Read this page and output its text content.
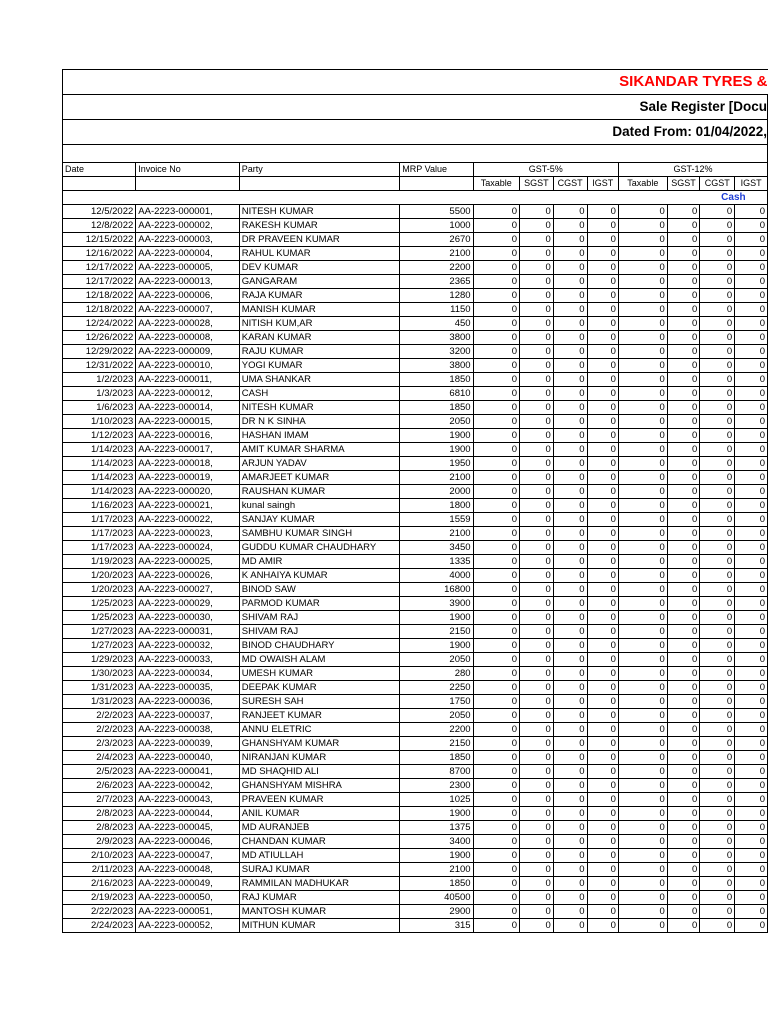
SIKANDAR TYRES &											
Sale Register [Docu											
Dated From: 01/04/2022,											

Date	Invoice No	Party	MRP Value	GST-5%				GST-12%			
				Taxable	SGST	CGST	IGST	Taxable	SGST	CGST	IGST
										Cash	
12/5/2022	AA-2223-000001,	NITESH KUMAR	5500	0	0	0	0	0	0	0	0
12/8/2022	AA-2223-000002,	RAKESH KUMAR	1000	0	0	0	0	0	0	0	0
12/15/2022	AA-2223-000003,	DR PRAVEEN KUMAR	2670	0	0	0	0	0	0	0	0
12/16/2022	AA-2223-000004,	RAHUL KUMAR	2100	0	0	0	0	0	0	0	0
12/17/2022	AA-2223-000005,	DEV KUMAR	2200	0	0	0	0	0	0	0	0
12/17/2022	AA-2223-000013,	GANGARAM	2365	0	0	0	0	0	0	0	0
12/18/2022	AA-2223-000006,	RAJA KUMAR	1280	0	0	0	0	0	0	0	0
12/18/2022	AA-2223-000007,	MANISH KUMAR	1150	0	0	0	0	0	0	0	0
12/24/2022	AA-2223-000028,	NITISH KUM,AR	450	0	0	0	0	0	0	0	0
12/26/2022	AA-2223-000008,	KARAN KUMAR	3800	0	0	0	0	0	0	0	0
12/29/2022	AA-2223-000009,	RAJU KUMAR	3200	0	0	0	0	0	0	0	0
12/31/2022	AA-2223-000010,	YOGI KUMAR	3800	0	0	0	0	0	0	0	0
1/2/2023	AA-2223-000011,	UMA SHANKAR	1850	0	0	0	0	0	0	0	0
1/3/2023	AA-2223-000012,	CASH	6810	0	0	0	0	0	0	0	0
1/6/2023	AA-2223-000014,	NITESH KUMAR	1850	0	0	0	0	0	0	0	0
1/10/2023	AA-2223-000015,	DR N K SINHA	2050	0	0	0	0	0	0	0	0
1/12/2023	AA-2223-000016,	HASHAN IMAM	1900	0	0	0	0	0	0	0	0
1/14/2023	AA-2223-000017,	AMIT KUMAR SHARMA	1900	0	0	0	0	0	0	0	0
1/14/2023	AA-2223-000018,	ARJUN YADAV	1950	0	0	0	0	0	0	0	0
1/14/2023	AA-2223-000019,	AMARJEET KUMAR	2100	0	0	0	0	0	0	0	0
1/14/2023	AA-2223-000020,	RAUSHAN KUMAR	2000	0	0	0	0	0	0	0	0
1/16/2023	AA-2223-000021,	kunal saingh	1800	0	0	0	0	0	0	0	0
1/17/2023	AA-2223-000022,	SANJAY KUMAR	1559	0	0	0	0	0	0	0	0
1/17/2023	AA-2223-000023,	SAMBHU KUMAR SINGH	2100	0	0	0	0	0	0	0	0
1/17/2023	AA-2223-000024,	GUDDU KUMAR CHAUDHARY	3450	0	0	0	0	0	0	0	0
1/19/2023	AA-2223-000025,	MD AMIR	1335	0	0	0	0	0	0	0	0
1/20/2023	AA-2223-000026,	K ANHAIYA KUMAR	4000	0	0	0	0	0	0	0	0
1/20/2023	AA-2223-000027,	BINOD SAW	16800	0	0	0	0	0	0	0	0
1/25/2023	AA-2223-000029,	PARMOD KUMAR	3900	0	0	0	0	0	0	0	0
1/25/2023	AA-2223-000030,	SHIVAM RAJ	1900	0	0	0	0	0	0	0	0
1/27/2023	AA-2223-000031,	SHIVAM RAJ	2150	0	0	0	0	0	0	0	0
1/27/2023	AA-2223-000032,	BINOD CHAUDHARY	1900	0	0	0	0	0	0	0	0
1/29/2023	AA-2223-000033,	MD OWAISH ALAM	2050	0	0	0	0	0	0	0	0
1/30/2023	AA-2223-000034,	UMESH KUMAR	280	0	0	0	0	0	0	0	0
1/31/2023	AA-2223-000035,	DEEPAK KUMAR	2250	0	0	0	0	0	0	0	0
1/31/2023	AA-2223-000036,	SURESH SAH	1750	0	0	0	0	0	0	0	0
2/2/2023	AA-2223-000037,	RANJEET KUMAR	2050	0	0	0	0	0	0	0	0
2/2/2023	AA-2223-000038,	ANNU ELETRIC	2200	0	0	0	0	0	0	0	0
2/3/2023	AA-2223-000039,	GHANSHYAM KUMAR	2150	0	0	0	0	0	0	0	0
2/4/2023	AA-2223-000040,	NIRANJAN KUMAR	1850	0	0	0	0	0	0	0	0
2/5/2023	AA-2223-000041,	MD SHAQHID ALI	8700	0	0	0	0	0	0	0	0
2/6/2023	AA-2223-000042,	GHANSHYAM MISHRA	2300	0	0	0	0	0	0	0	0
2/7/2023	AA-2223-000043,	PRAVEEN KUMAR	1025	0	0	0	0	0	0	0	0
2/8/2023	AA-2223-000044,	ANIL KUMAR	1900	0	0	0	0	0	0	0	0
2/8/2023	AA-2223-000045,	MD AURANJEB	1375	0	0	0	0	0	0	0	0
2/9/2023	AA-2223-000046,	CHANDAN KUMAR	3400	0	0	0	0	0	0	0	0
2/10/2023	AA-2223-000047,	MD ATIULLAH	1900	0	0	0	0	0	0	0	0
2/11/2023	AA-2223-000048,	SURAJ KUMAR	2100	0	0	0	0	0	0	0	0
2/16/2023	AA-2223-000049,	RAMMILAN MADHUKAR	1850	0	0	0	0	0	0	0	0
2/19/2023	AA-2223-000050,	RAJ KUMAR	40500	0	0	0	0	0	0	0	0
2/22/2023	AA-2223-000051,	MANTOSH KUMAR	2900	0	0	0	0	0	0	0	0
2/24/2023	AA-2223-000052,	MITHUN KUMAR	315	0	0	0	0	0	0	0	0
